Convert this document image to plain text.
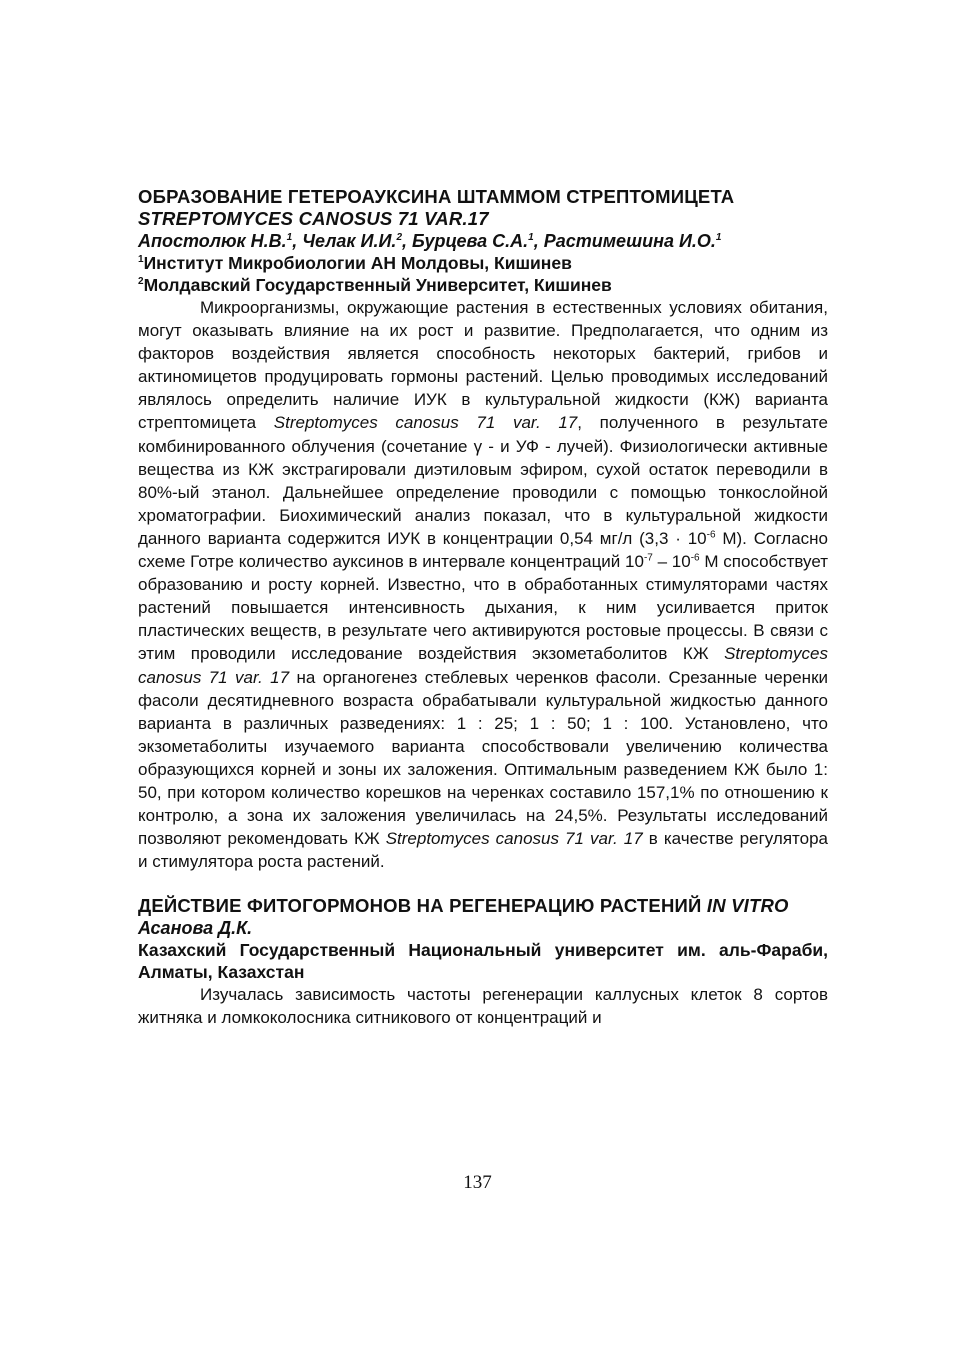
ОБРАЗОВАНИЕ ГЕТЕРОАУКСИНА ШТАММОМ СТРЕПТОМИЦЕТА
STREPTOMYCES CANOSUS 71 VAR.17

Апостолюк Н.В.$^1$, Челак И.И.$^2$, Бурцева С.А.$^1$, Растимешина И.О.$^1$

$^1$Институт Микробиологии АН Молдовы, Кишинев

$^2$Молдавский Государственный Университет, Кишинев

Микроорганизмы, окружающие растения в естественных условиях обитания, могут оказывать влияние на их рост и развитие. Предполагается, что одним из факторов воздействия является способность некоторых бактерий, грибов и актиномицетов продуцировать гормоны растений. Целью проводимых исследований являлось определить наличие ИУК в культуральной жидкости (КЖ) варианта стрептомицета Streptomyces canosus 71 var. 17, полученного в результате комбинированного облучения (сочетание γ - и УФ - лучей). Физиологически активные вещества из КЖ экстрагировали диэтиловым эфиром, сухой остаток переводили в 80%-ый этанол. Дальнейшее определение проводили с помощью тонкослойной хроматографии. Биохимический анализ показал, что в культуральной жидкости данного варианта содержится ИУК в концентрации 0,54 мг/л ($3,3 \cdot 10^{-6}$ М). Согласно схеме Готре количество ауксинов в интервале концентраций $10^{-7} - 10^{-6}$ М способствует образованию и росту корней. Известно, что в обработанных стимуляторами частях растений повышается интенсивность дыхания, к ним усиливается приток пластических веществ, в результате чего активируются ростовые процессы. В связи с этим проводили исследование воздействия экзометаболитов КЖ Streptomyces canosus 71 var. 17 на органогенез стеблевых черенков фасоли. Срезанные черенки фасоли десятидневного возраста обрабатывали культуральной жидкостью данного варианта в различных разведениях: 1 : 25; 1 : 50; 1 : 100. Установлено, что экзометаболиты изучаемого варианта способствовали увеличению количества образующихся корней и зоны их заложения. Оптимальным разведением КЖ было 1: 50, при котором количество корешков на черенках составило 157,1% по отношению к контролю, а зона их заложения увеличилась на 24,5%. Результаты исследований позволяют рекомендовать КЖ Streptomyces canosus 71 var. 17 в качестве регулятора и стимулятора роста растений.

ДЕЙСТВИЕ ФИТОГОРМОНОВ НА РЕГЕНЕРАЦИЮ РАСТЕНИЙ IN VITRO

Асанова Д.К.

Казахский Государственный Национальный университет им. аль-Фараби, Алматы, Казахстан

Изучалась зависимость частоты регенерации каллусных клеток 8 сортов житняка и ломкоколосника ситникового от концентраций и

137
